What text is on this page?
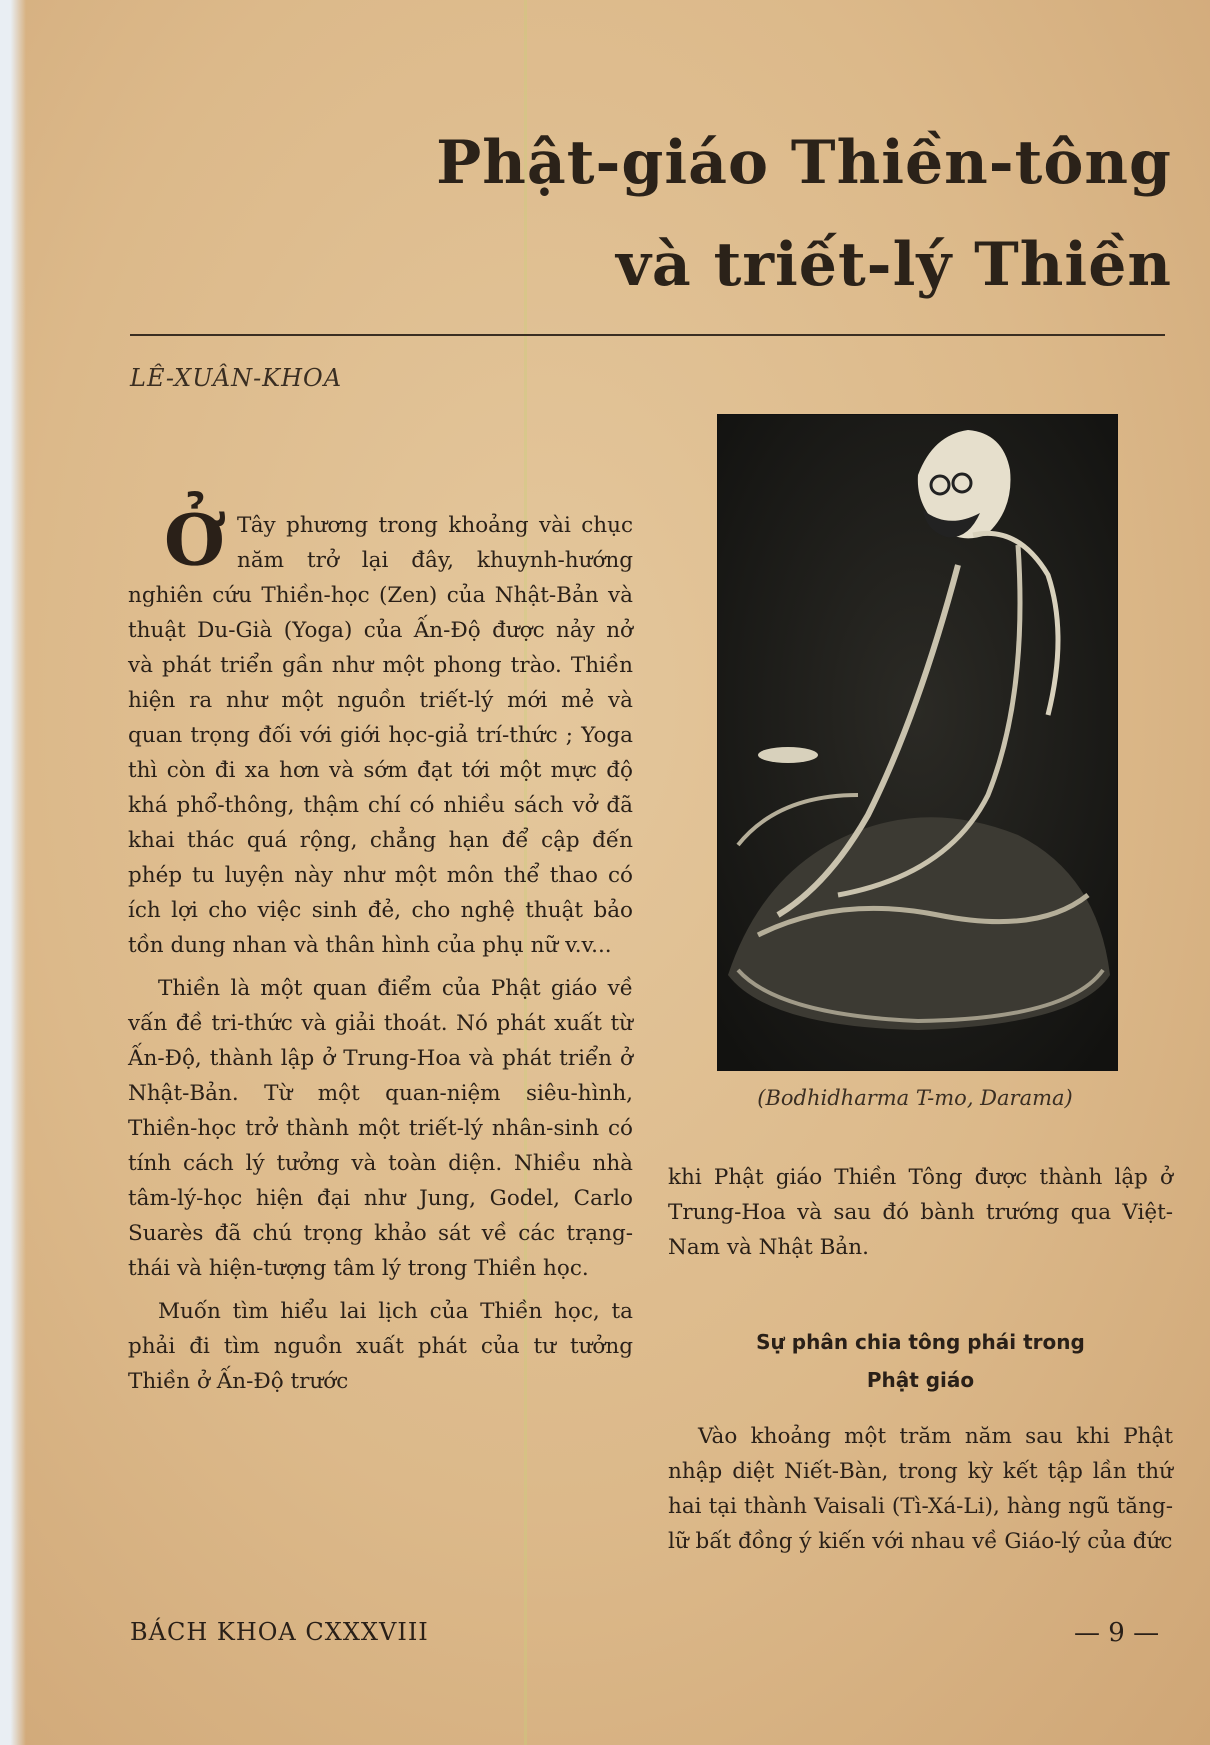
Phật-giáo Thiền-tông
và triết-lý Thiền
LÊ-XUÂN-KHOA

Ở Tây phương trong khoảng vài chục năm trở lại đây, khuynh-hướng nghiên cứu Thiền-học (Zen) của Nhật-Bản và thuật Du-Già (Yoga) của Ấn-Độ được nảy nở và phát triển gần như một phong trào. Thiền hiện ra như một nguồn triết-lý mới mẻ và quan trọng đối với giới học-giả trí-thức ; Yoga thì còn đi xa hơn và sớm đạt tới một mực độ khá phổ-thông, thậm chí có nhiều sách vở đã khai thác quá rộng, chẳng hạn để cập đến phép tu luyện này như một môn thể thao có ích lợi cho việc sinh đẻ, cho nghệ thuật bảo tồn dung nhan và thân hình của phụ nữ v.v...

Thiền là một quan điểm của Phật giáo về vấn đề tri-thức và giải thoát. Nó phát xuất từ Ấn-Độ, thành lập ở Trung-Hoa và phát triển ở Nhật-Bản. Từ một quan-niệm siêu-hình, Thiền-học trở thành một triết-lý nhân-sinh có tính cách lý tưởng và toàn diện. Nhiều nhà tâm-lý-học hiện đại như Jung, Godel, Carlo Suarès đã chú trọng khảo sát về các trạng-thái và hiện-tượng tâm lý trong Thiền học.

Muốn tìm hiểu lai lịch của Thiền học, ta phải đi tìm nguồn xuất phát của tư tưởng Thiền ở Ấn-Độ trước

(Bodhidharma T-mo, Darama)

khi Phật giáo Thiền Tông được thành lập ở Trung-Hoa và sau đó bành trướng qua Việt-Nam và Nhật Bản.

Sự phân chia tông phái trong
Phật giáo

Vào khoảng một trăm năm sau khi Phật nhập diệt Niết-Bàn, trong kỳ kết tập lần thứ hai tại thành Vaisali (Tì-Xá-Li), hàng ngũ tăng-lữ bất đồng ý kiến với nhau về Giáo-lý của đức

BÁCH KHOA CXXXVIII	— 9 —
